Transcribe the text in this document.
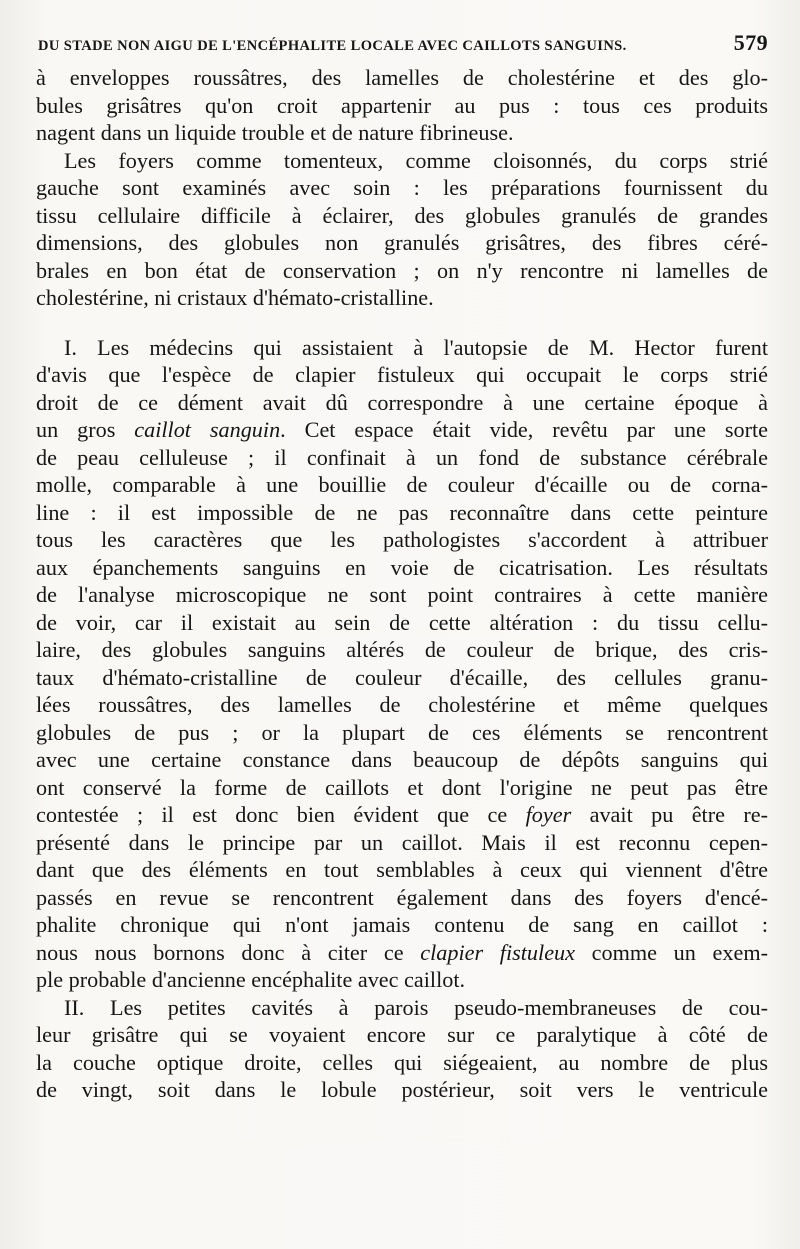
DU STADE NON AIGU DE L'ENCÉPHALITE LOCALE AVEC CAILLOTS SANGUINS.	579
à enveloppes roussâtres, des lamelles de cholestérine et des glo-
bules grisâtres qu'on croit appartenir au pus : tous ces produits
nagent dans un liquide trouble et de nature fibrineuse.
Les foyers comme tomenteux, comme cloisonnés, du corps strié
gauche sont examinés avec soin : les préparations fournissent du
tissu cellulaire difficile à éclairer, des globules granulés de grandes
dimensions, des globules non granulés grisâtres, des fibres céré-
brales en bon état de conservation ; on n'y rencontre ni lamelles de
cholestérine, ni cristaux d'hémato-cristalline.
I. Les médecins qui assistaient à l'autopsie de M. Hector furent
d'avis que l'espèce de clapier fistuleux qui occupait le corps strié
droit de ce dément avait dû correspondre à une certaine époque à
un gros caillot sanguin. Cet espace était vide, revêtu par une sorte
de peau celluleuse ; il confinait à un fond de substance cérébrale
molle, comparable à une bouillie de couleur d'écaille ou de corna-
line : il est impossible de ne pas reconnaître dans cette peinture
tous les caractères que les pathologistes s'accordent à attribuer
aux épanchements sanguins en voie de cicatrisation. Les résultats
de l'analyse microscopique ne sont point contraires à cette manière
de voir, car il existait au sein de cette altération : du tissu cellu-
laire, des globules sanguins altérés de couleur de brique, des cris-
taux d'hémato-cristalline de couleur d'écaille, des cellules granu-
lées roussâtres, des lamelles de cholestérine et même quelques
globules de pus ; or la plupart de ces éléments se rencontrent
avec une certaine constance dans beaucoup de dépôts sanguins qui
ont conservé la forme de caillots et dont l'origine ne peut pas être
contestée ; il est donc bien évident que ce foyer avait pu être re-
présenté dans le principe par un caillot. Mais il est reconnu cepen-
dant que des éléments en tout semblables à ceux qui viennent d'être
passés en revue se rencontrent également dans des foyers d'encé-
phalite chronique qui n'ont jamais contenu de sang en caillot :
nous nous bornons donc à citer ce clapier fistuleux comme un exem-
ple probable d'ancienne encéphalite avec caillot.
II. Les petites cavités à parois pseudo-membraneuses de cou-
leur grisâtre qui se voyaient encore sur ce paralytique à côté de
la couche optique droite, celles qui siégeaient, au nombre de plus
de vingt, soit dans le lobule postérieur, soit vers le ventricule
